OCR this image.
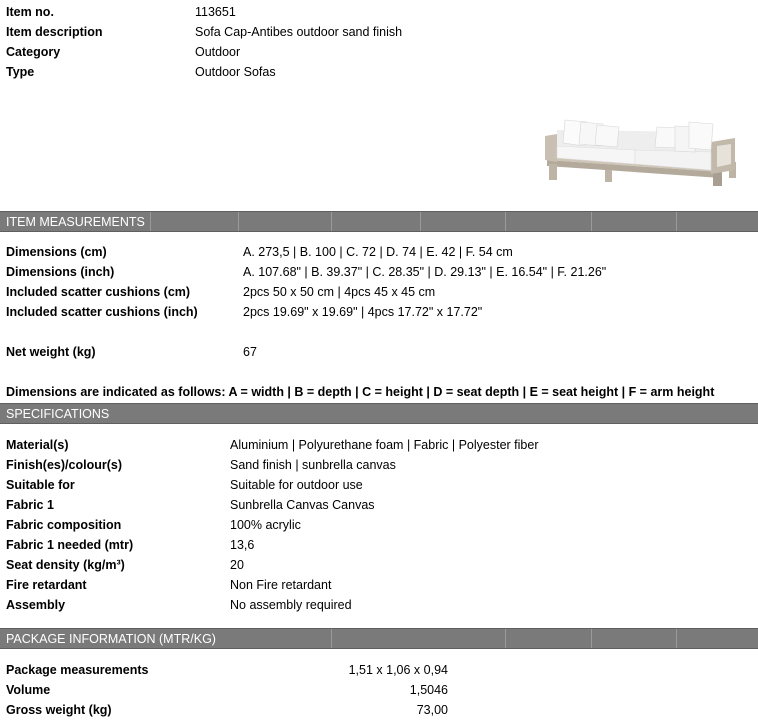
Item no.	113651
Item description	Sofa Cap-Antibes outdoor sand finish
Category	Outdoor
Type	Outdoor Sofas
ITEM MEASUREMENTS
Dimensions (cm)	A. 273,5 | B. 100 | C. 72 | D. 74 | E. 42 | F. 54 cm
Dimensions (inch)	A. 107.68" | B. 39.37" | C. 28.35" | D. 29.13" | E. 16.54" | F. 21.26"
Included scatter cushions (cm)	2pcs 50 x 50 cm | 4pcs 45 x 45 cm
Included scatter cushions (inch)	2pcs 19.69" x 19.69" | 4pcs 17.72" x 17.72"
Net weight (kg)	67
Dimensions are indicated as follows: A = width | B = depth | C = height | D = seat depth | E = seat height | F = arm height
SPECIFICATIONS
Material(s)	Aluminium | Polyurethane foam | Fabric | Polyester fiber
Finish(es)/colour(s)	Sand finish | sunbrella canvas
Suitable for	Suitable for outdoor use
Fabric 1	Sunbrella Canvas Canvas
Fabric composition	100% acrylic
Fabric 1 needed (mtr)	13,6
Seat density (kg/m³)	20
Fire retardant	Non Fire retardant
Assembly	No assembly required
PACKAGE INFORMATION (MTR/KG)
Package measurements	1,51 x 1,06 x 0,94
Volume	1,5046
Gross weight (kg)	73,00
